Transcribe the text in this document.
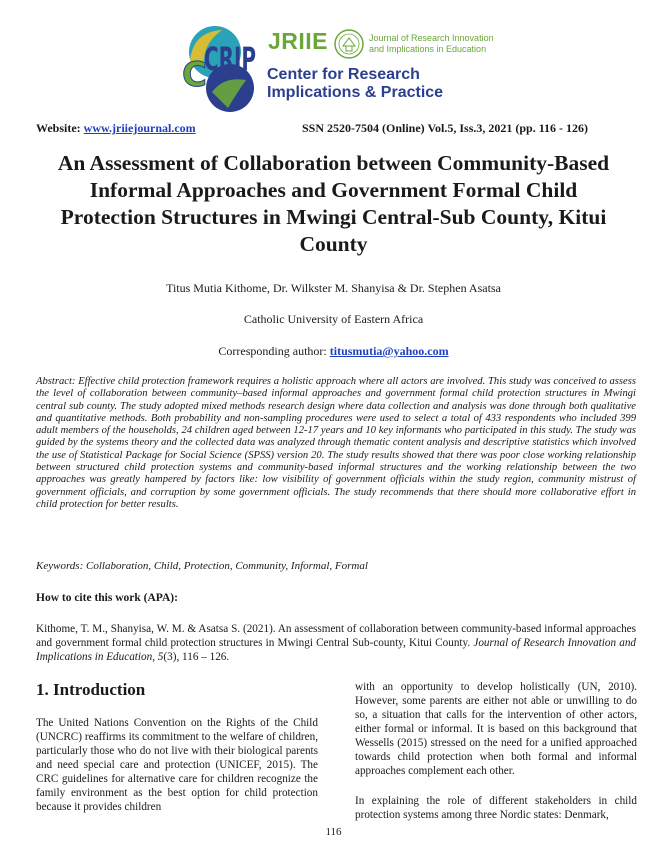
C
CRIP JRIIE	Journal of Research Innovation and Implications in Education
Center for Research
Implications & Practice
Website: www.jriiejournal.com	SSN 2520-7504 (Online) Vol.5, Iss.3, 2021 (pp. 116 - 126)
An Assessment of Collaboration between Community-Based Informal Approaches and Government Formal Child Protection Structures in Mwingi Central-Sub County, Kitui County
Titus Mutia Kithome, Dr. Wilkster M. Shanyisa & Dr. Stephen Asatsa
Catholic University of Eastern Africa
Corresponding author: titusmutia@yahoo.com
Abstract: Effective child protection framework requires a holistic approach where all actors are involved. This study was conceived to assess the level of collaboration between community–based informal approaches and government formal child protection structures in Mwingi central sub county. The study adopted mixed methods research design where data collection and analysis was done through both qualitative and quantitative methods. Both probability and non-sampling procedures were used to select a total of 433 respondents who included 399 adult members of the households, 24 children aged between 12-17 years and 10 key informants who participated in this study. The study was guided by the systems theory and the collected data was analyzed through thematic content analysis and descriptive statistics which involved the use of Statistical Package for Social Science (SPSS) version 20. The study results showed that there was poor close working relationship between structured child protection systems and community-based informal structures and the working relationship between the two approaches was greatly hampered by factors like: low visibility of government officials within the study region, community mistrust of government officials, and corruption by some government officials. The study recommends that there should more collaborative effort in child protection for better results.
Keywords: Collaboration, Child, Protection, Community, Informal, Formal
How to cite this work (APA):
Kithome, T. M., Shanyisa, W. M. & Asatsa S. (2021). An assessment of collaboration between community-based informal approaches and government formal child protection structures in Mwingi Central Sub-county, Kitui County. Journal of Research Innovation and Implications in Education, 5(3), 116 – 126.
1. Introduction
The United Nations Convention on the Rights of the Child (UNCRC) reaffirms its commitment to the welfare of children, particularly those who do not live with their biological parents and need special care and protection (UNICEF, 2015). The CRC guidelines for alternative care for children recognize the family environment as the best option for child protection because it provides children
with an opportunity to develop holistically (UN, 2010). However, some parents are either not able or unwilling to do so, a situation that calls for the intervention of other actors, either formal or informal. It is based on this background that Wessells (2015) stressed on the need for a unified approached towards child protection when both formal and informal approaches complement each other.
In explaining the role of different stakeholders in child protection systems among three Nordic states: Denmark,
116
